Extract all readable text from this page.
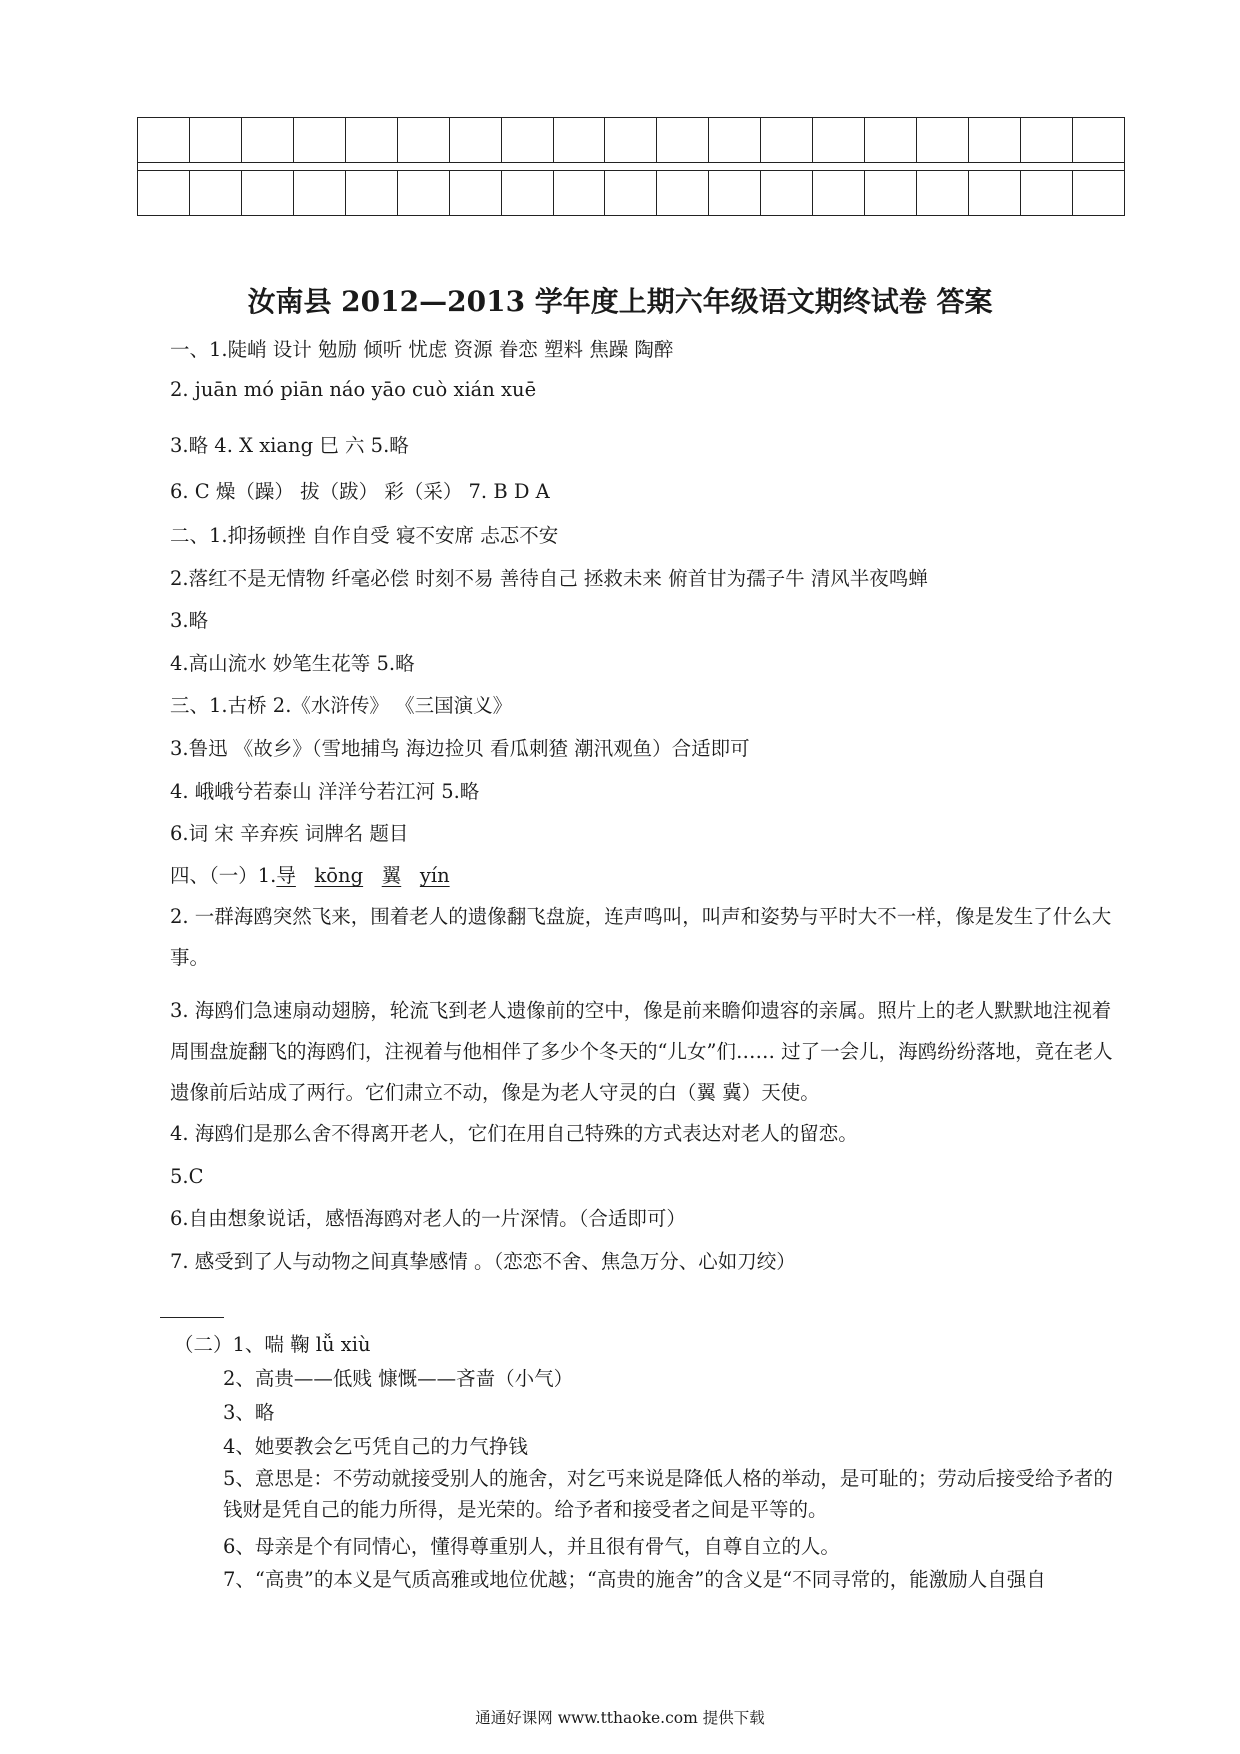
汝南县 2012—2013 学年度上期六年级语文期终试卷 答案
一、1.陡峭 设计 勉励 倾听 忧虑 资源 眷恋 塑料 焦躁 陶醉
2. juān mó piān náo yāo cuò xián xuē
3.略 4. X xiang 巳 六 5.略
6. C 燥（躁） 拔（跋） 彩（采） 7. B D A
二、1.抑扬顿挫 自作自受 寝不安席 忐忑不安
2.落红不是无情物 纤毫必偿 时刻不易 善待自己 拯救未来 俯首甘为孺子牛 清风半夜鸣蝉
3.略
4.高山流水 妙笔生花等 5.略
三、1.古桥 2.《水浒传》 《三国演义》
3.鲁迅 《故乡》（雪地捕鸟 海边捡贝 看瓜刺猹 潮汛观鱼）合适即可
4. 峨峨兮若泰山 洋洋兮若江河 5.略
6.词 宋 辛弃疾 词牌名 题目
四、（一）1.导 kōng 翼 yín
2. 一群海鸥突然飞来，围着老人的遗像翻飞盘旋，连声鸣叫，叫声和姿势与平时大不一样，像是发生了什么大事。
3. 海鸥们急速扇动翅膀，轮流飞到老人遗像前的空中，像是前来瞻仰遗容的亲属。照片上的老人默默地注视着周围盘旋翻飞的海鸥们，注视着与他相伴了多少个冬天的“儿女”们…… 过了一会儿，海鸥纷纷落地，竟在老人遗像前后站成了两行。它们肃立不动，像是为老人守灵的白（翼 冀）天使。
4. 海鸥们是那么舍不得离开老人，它们在用自己特殊的方式表达对老人的留恋。
5.C
6.自由想象说话，感悟海鸥对老人的一片深情。（合适即可）
7. 感受到了人与动物之间真挚感情 。（恋恋不舍、焦急万分、心如刀绞）
（二）1、喘 鞠 lǚ xiù
2、高贵——低贱 慷慨——吝啬（小气）
3、略
4、她要教会乞丐凭自己的力气挣钱
5、意思是：不劳动就接受别人的施舍，对乞丐来说是降低人格的举动，是可耻的；劳动后接受给予者的钱财是凭自己的能力所得，是光荣的。给予者和接受者之间是平等的。
6、母亲是个有同情心，懂得尊重别人，并且很有骨气，自尊自立的人。
7、“高贵”的本义是气质高雅或地位优越；“高贵的施舍”的含义是“不同寻常的，能激励人自强自
通通好课网 www.tthaoke.com 提供下载
